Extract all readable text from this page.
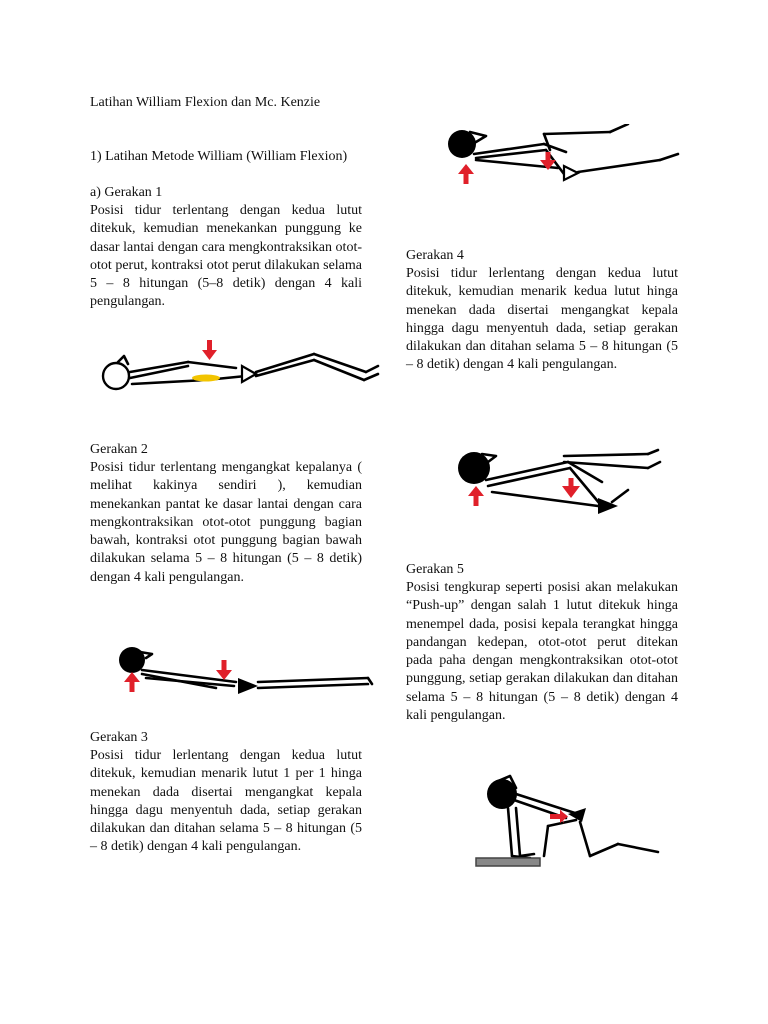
Latihan William Flexion dan Mc. Kenzie

1) Latihan Metode William (William Flexion)

a) Gerakan 1

Posisi tidur terlentang dengan kedua lutut ditekuk, kemudian menekankan punggung ke dasar lantai dengan cara mengkontraksikan otot-otot perut, kontraksi otot perut dilakukan selama 5 – 8 hitungan (5–8 detik) dengan 4 kali pengulangan.

Gerakan 2

Posisi tidur terlentang mengangkat kepalanya ( melihat kakinya sendiri ), kemudian menekankan pantat ke dasar lantai dengan cara mengkontraksikan otot-otot punggung bagian bawah, kontraksi otot punggung bagian bawah dilakukan selama 5 – 8 hitungan (5 – 8 detik) dengan 4 kali pengulangan.

Gerakan 3

Posisi tidur lerlentang dengan kedua lutut ditekuk, kemudian menarik lutut 1 per 1 hinga menekan dada disertai mengangkat kepala hingga dagu menyentuh dada, setiap gerakan dilakukan dan ditahan selama 5 – 8 hitungan (5 – 8 detik) dengan 4 kali pengulangan.

Gerakan 4

Posisi tidur lerlentang dengan kedua lutut ditekuk, kemudian menarik kedua lutut hinga menekan dada disertai mengangkat kepala hingga dagu menyentuh dada, setiap gerakan dilakukan dan ditahan selama 5 – 8 hitungan (5 – 8 detik) dengan 4 kali pengulangan.

Gerakan 5

Posisi tengkurap seperti posisi akan melakukan “Push-up” dengan salah 1 lutut ditekuk hinga menempel dada, posisi kepala terangkat hingga pandangan kedepan, otot-otot perut ditekan pada paha dengan mengkontraksikan otot-otot punggung, setiap gerakan dilakukan dan ditahan selama 5 – 8 hitungan (5 – 8 detik) dengan 4 kali pengulangan.
